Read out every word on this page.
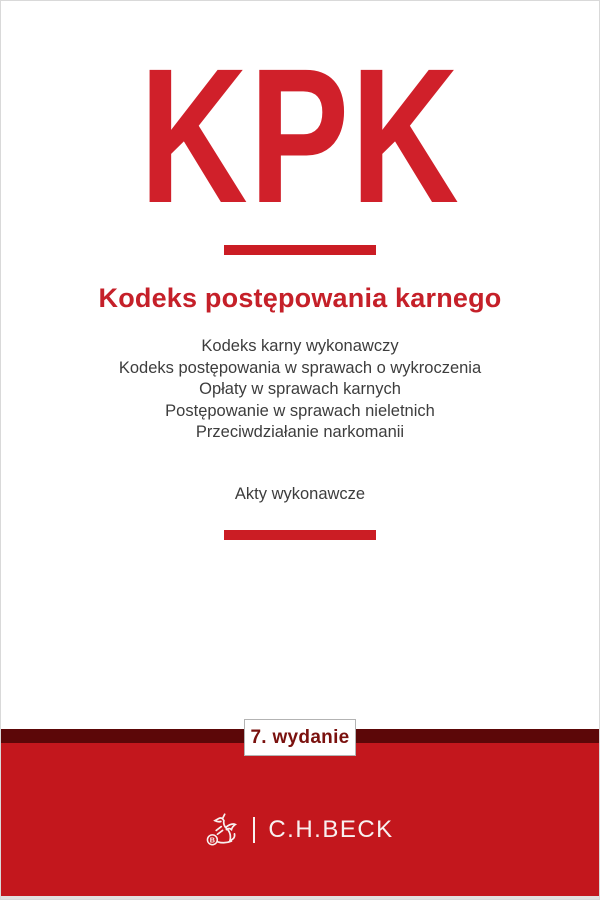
KPK
Kodeks postępowania karnego
Kodeks karny wykonawczy
Kodeks postępowania w sprawach o wykroczenia
Opłaty w sprawach karnych
Postępowanie w sprawach nieletnich
Przeciwdziałanie narkomanii
Akty wykonawcze
7. wydanie
B C.H.BECK
